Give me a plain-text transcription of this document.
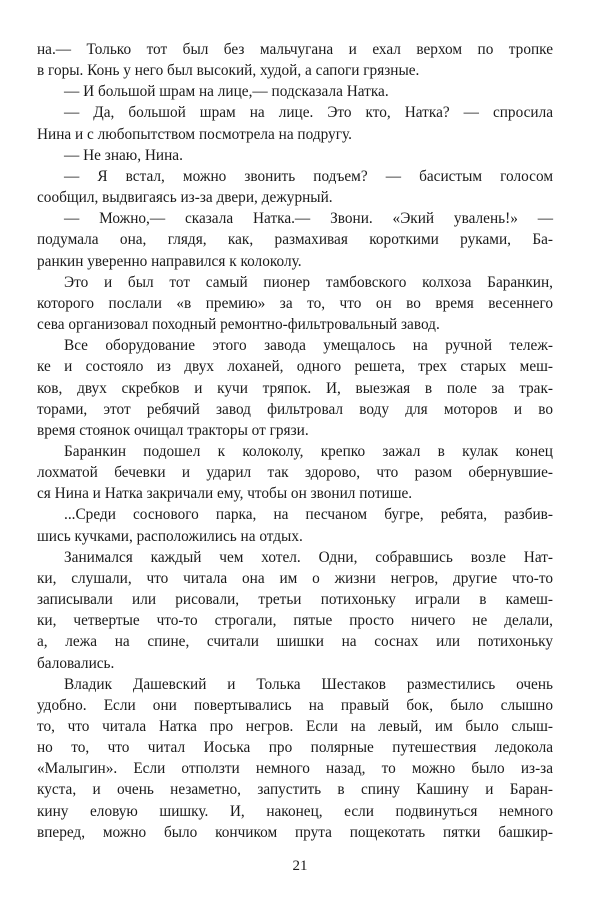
на.— Только тот был без мальчугана и ехал верхом по тропке
в горы. Конь у него был высокий, худой, а сапоги грязные.
— И большой шрам на лице,— подсказала Натка.
— Да, большой шрам на лице. Это кто, Натка? — спросила
Нина и с любопытством посмотрела на подругу.
— Не знаю, Нина.
— Я встал, можно звонить подъем? — басистым голосом
сообщил, выдвигаясь из-за двери, дежурный.
— Можно,— сказала Натка.— Звони. «Экий увалень!» —
подумала она, глядя, как, размахивая короткими руками, Ба-
ранкин уверенно направился к колоколу.
Это и был тот самый пионер тамбовского колхоза Баранкин,
которого послали «в премию» за то, что он во время весеннего
сева организовал походный ремонтно-фильтровальный завод.
Все оборудование этого завода умещалось на ручной тележ-
ке и состояло из двух лоханей, одного решета, трех старых меш-
ков, двух скребков и кучи тряпок. И, выезжая в поле за трак-
торами, этот ребячий завод фильтровал воду для моторов и во
время стоянок очищал тракторы от грязи.
Баранкин подошел к колоколу, крепко зажал в кулак конец
лохматой бечевки и ударил так здорово, что разом обернувшие-
ся Нина и Натка закричали ему, чтобы он звонил потише.
...Среди соснового парка, на песчаном бугре, ребята, разбив-
шись кучками, расположились на отдых.
Занимался каждый чем хотел. Одни, собравшись возле Нат-
ки, слушали, что читала она им о жизни негров, другие что-то
записывали или рисовали, третьи потихоньку играли в камеш-
ки, четвертые что-то строгали, пятые просто ничего не делали,
а, лежа на спине, считали шишки на соснах или потихоньку
баловались.
Владик Дашевский и Толька Шестаков разместились очень
удобно. Если они повертывались на правый бок, было слышно
то, что читала Натка про негров. Если на левый, им было слыш-
но то, что читал Иоська про полярные путешествия ледокола
«Малыгин». Если отползти немного назад, то можно было из-за
куста, и очень незаметно, запустить в спину Кашину и Баран-
кину еловую шишку. И, наконец, если подвинуться немного
вперед, можно было кончиком прута пощекотать пятки башкир-
21
